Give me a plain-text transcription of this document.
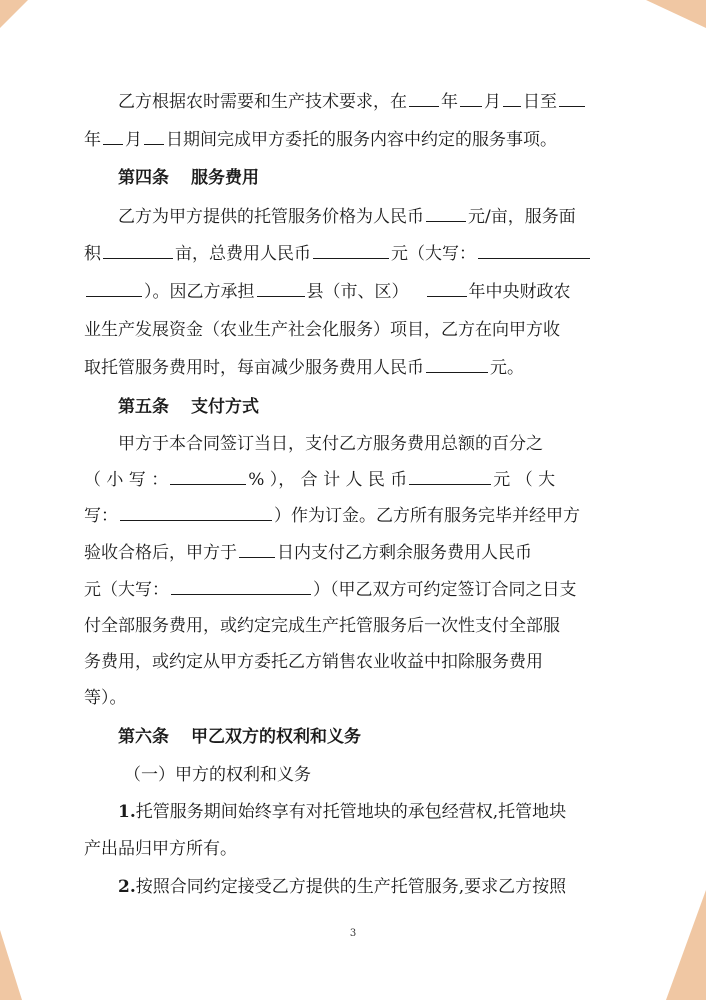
乙方根据农时需要和生产技术要求，在 年 月 日至
年 月 日期间完成甲方委托的服务内容中约定的服务事项。
第四条 服务费用
乙方为甲方提供的托管服务价格为人民币	元/亩，服务面
积	亩，总费用人民币	元（大写：
）。因乙方承担	县（市、区）	年中央财政农
业生产发展资金（农业生产社会化服务）项目，乙方在向甲方收
取托管服务费用时，每亩减少服务费用人民币	元。
第五条 支付方式
甲方于本合同签订当日，支付乙方服务费用总额的百分之
（ 小 写 ：	% ）， 合 计 人 民 币	元 （ 大
写：	）作为订金。乙方所有服务完毕并经甲方
验收合格后，甲方于 日内支付乙方剩余服务费用人民币
元（大写：	）（甲乙双方可约定签订合同之日支
付全部服务费用，或约定完成生产托管服务后一次性支付全部服
务费用，或约定从甲方委托乙方销售农业收益中扣除服务费用
等）。
第六条 甲乙双方的权利和义务
（一）甲方的权利和义务
1.托管服务期间始终享有对托管地块的承包经营权,托管地块
产出品归甲方所有。
2.按照合同约定接受乙方提供的生产托管服务,要求乙方按照
3
